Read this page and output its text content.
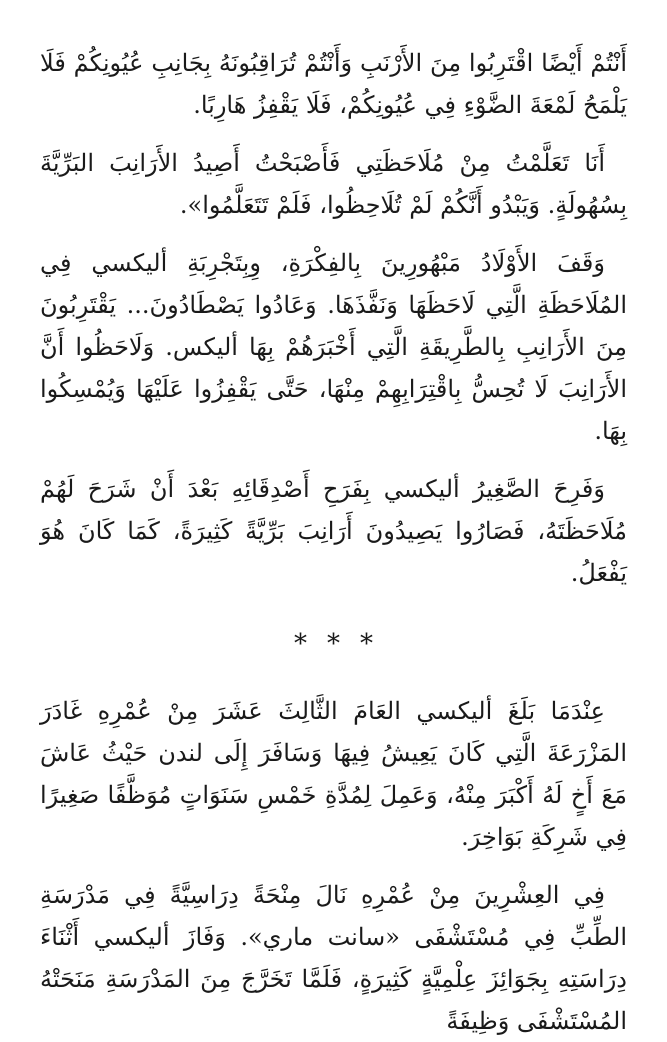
أَنْتُمْ أَيْضًا اقْتَرِبُوا مِنَ الأَرْنَبِ وَأَنْتُمْ تُرَاقِبُونَهُ بِجَانِبِ عُيُونِكُمْ فَلَا يَلْمَحُ لَمْعَةَ الضَّوْءِ فِي عُيُونِكُمْ، فَلَا يَقْفِزُ هَارِبًا.

أَنَا تَعَلَّمْتُ مِنْ مُلَاحَظَتِي فَأَصْبَحْتُ أَصِيدُ الأَرَانِبَ البَرِّيَّةَ بِسُهُولَةٍ. وَيَبْدُو أَنَّكُمْ لَمْ تُلَاحِظُوا، فَلَمْ تَتَعَلَّمُوا».

وَقَفَ الأَوْلَادُ مَبْهُورِينَ بِالفِكْرَةِ، وِبِتَجْرِبَةِ أليكسي فِي المُلَاحَظَةِ الَّتِي لَاحَظَهَا وَنَفَّذَهَا. وَعَادُوا يَصْطَادُونَ... يَقْتَرِبُونَ مِنَ الأَرَانِبِ بِالطَّرِيقَةِ الَّتِي أَخْبَرَهُمْ بِهَا أليكس. وَلَاحَظُوا أَنَّ الأَرَانِبَ لَا تُحِسُّ بِاقْتِرَابِهِمْ مِنْهَا، حَتَّى يَقْفِزُوا عَلَيْهَا وَيُمْسِكُوا بِهَا.

وَفَرِحَ الصَّغِيرُ أليكسي بِفَرَحِ أَصْدِقَائِهِ بَعْدَ أَنْ شَرَحَ لَهُمْ مُلَاحَظَتَهُ، فَصَارُوا يَصِيدُونَ أَرَانِبَ بَرِّيَّةً كَثِيرَةً، كَمَا كَانَ هُوَ يَفْعَلُ.

***

عِنْدَمَا بَلَغَ أليكسي العَامَ الثَّالِثَ عَشَرَ مِنْ عُمْرِهِ غَادَرَ المَزْرَعَةَ الَّتِي كَانَ يَعِيشُ فِيهَا وَسَافَرَ إِلَى لندن حَيْثُ عَاشَ مَعَ أَخٍ لَهُ أَكْبَرَ مِنْهُ، وَعَمِلَ لِمُدَّةِ خَمْسِ سَنَوَاتٍ مُوَظَّفًا صَغِيرًا فِي شَرِكَةِ بَوَاخِرَ.

فِي العِشْرِينَ مِنْ عُمْرِهِ نَالَ مِنْحَةً دِرَاسِيَّةً فِي مَدْرَسَةِ الطِّبِّ فِي مُسْتَشْفَى «سانت ماري». وَفَازَ أليكسي أَثْنَاءَ دِرَاسَتِهِ بِجَوَائِزَ عِلْمِيَّةٍ كَثِيرَةٍ، فَلَمَّا تَخَرَّجَ مِنَ المَدْرَسَةِ مَنَحَتْهُ المُسْتَشْفَى وَظِيفَةً
